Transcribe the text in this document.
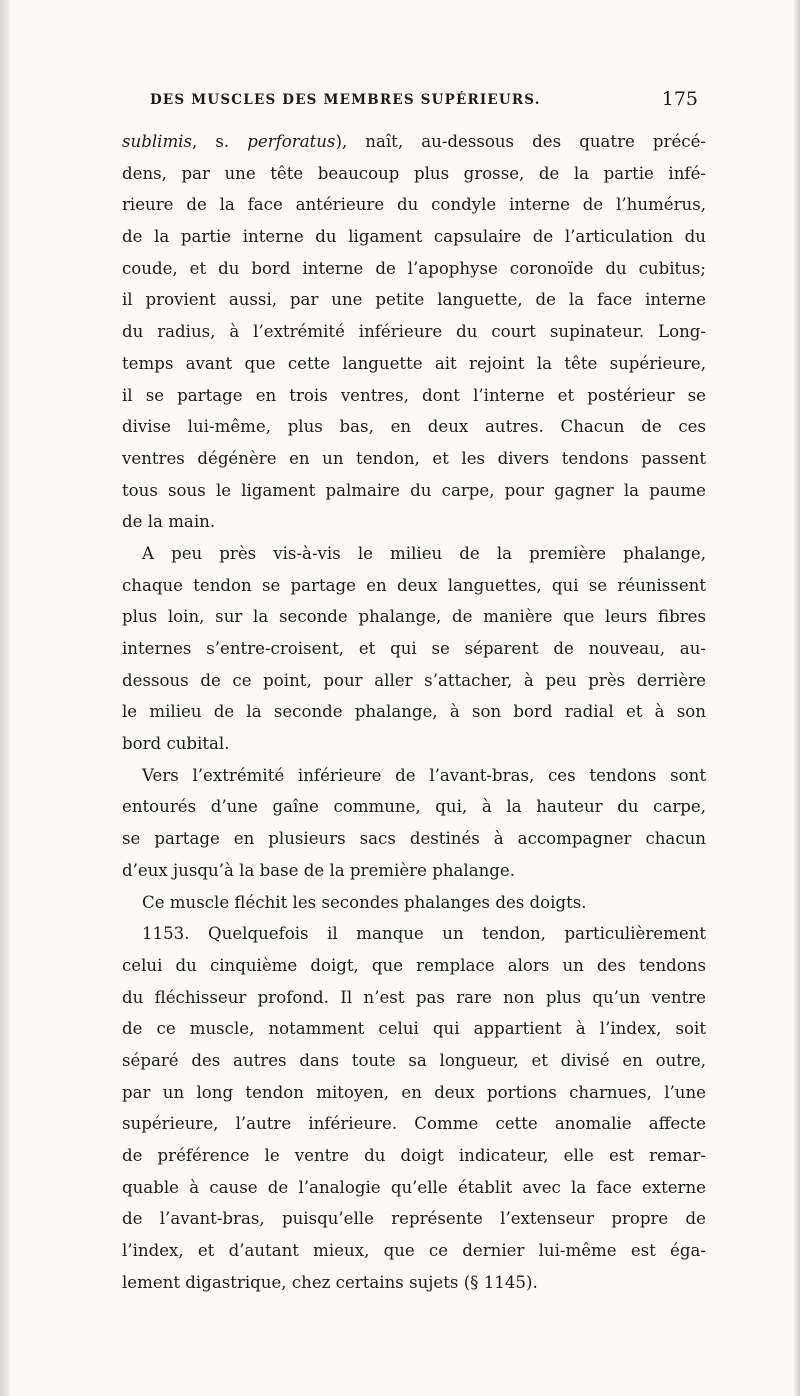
DES MUSCLES DES MEMBRES SUPÉRIEURS.	175
sublimis, s. perforatus), naît, au-dessous des quatre précé-
dens, par une tête beaucoup plus grosse, de la partie infé-
rieure de la face antérieure du condyle interne de l’humérus,
de la partie interne du ligament capsulaire de l’articulation du
coude, et du bord interne de l’apophyse coronoïde du cubitus;
il provient aussi, par une petite languette, de la face interne
du radius, à l’extrémité inférieure du court supinateur. Long-
temps avant que cette languette ait rejoint la tête supérieure,
il se partage en trois ventres, dont l’interne et postérieur se
divise lui-même, plus bas, en deux autres. Chacun de ces
ventres dégénère en un tendon, et les divers tendons passent
tous sous le ligament palmaire du carpe, pour gagner la paume
de la main.
A peu près vis-à-vis le milieu de la première phalange,
chaque tendon se partage en deux languettes, qui se réunissent
plus loin, sur la seconde phalange, de manière que leurs fibres
internes s’entre-croisent, et qui se séparent de nouveau, au-
dessous de ce point, pour aller s’attacher, à peu près derrière
le milieu de la seconde phalange, à son bord radial et à son
bord cubital.
Vers l’extrémité inférieure de l’avant-bras, ces tendons sont
entourés d’une gaîne commune, qui, à la hauteur du carpe,
se partage en plusieurs sacs destinés à accompagner chacun
d’eux jusqu’à la base de la première phalange.
Ce muscle fléchit les secondes phalanges des doigts.
1153. Quelquefois il manque un tendon, particulièrement
celui du cinquième doigt, que remplace alors un des tendons
du fléchisseur profond. Il n’est pas rare non plus qu’un ventre
de ce muscle, notamment celui qui appartient à l’index, soit
séparé des autres dans toute sa longueur, et divisé en outre,
par un long tendon mitoyen, en deux portions charnues, l’une
supérieure, l’autre inférieure. Comme cette anomalie affecte
de préférence le ventre du doigt indicateur, elle est remar-
quable à cause de l’analogie qu’elle établit avec la face externe
de l’avant-bras, puisqu’elle représente l’extenseur propre de
l’index, et d’autant mieux, que ce dernier lui-même est éga-
lement digastrique, chez certains sujets (§ 1145).
